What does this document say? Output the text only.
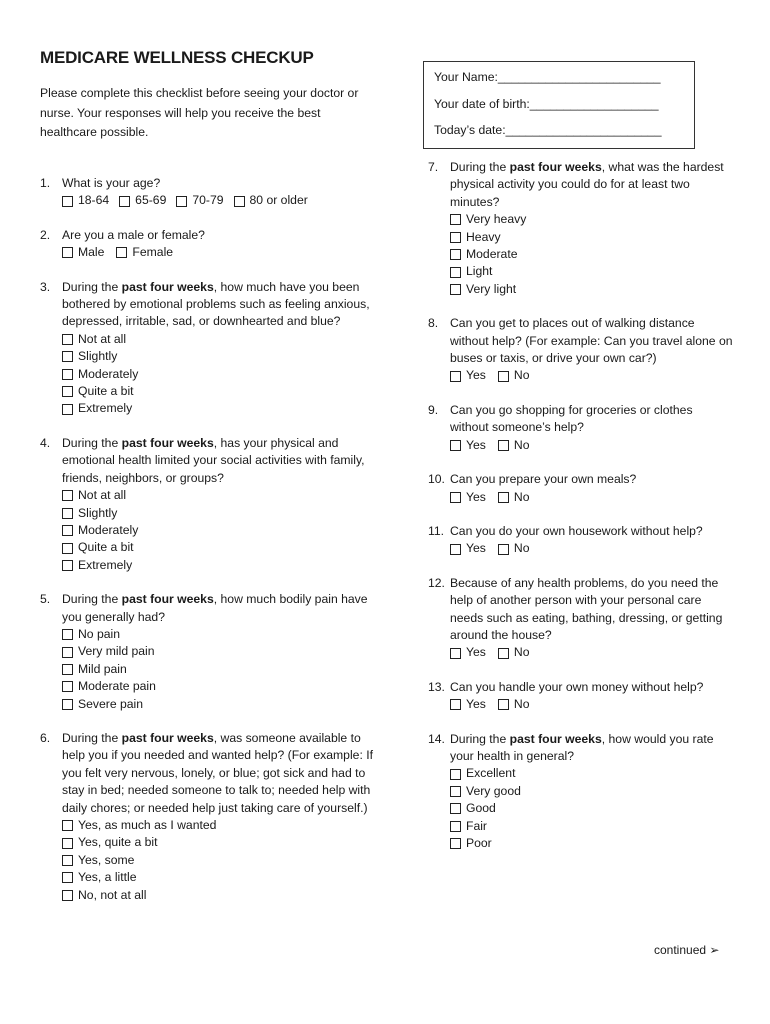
MEDICARE WELLNESS CHECKUP
Please complete this checklist before seeing your doctor or nurse. Your responses will help you receive the best healthcare possible.
Your Name:________________________
Your date of birth:___________________
Today’s date:_______________________
1. What is your age?
18-64 65-69 70-79 80 or older
2. Are you a male or female?
Male Female
3. During the past four weeks, how much have you been bothered by emotional problems such as feeling anxious, depressed, irritable, sad, or downhearted and blue?
Not at all
Slightly
Moderately
Quite a bit
Extremely
4. During the past four weeks, has your physical and emotional health limited your social activities with family, friends, neighbors, or groups?
Not at all
Slightly
Moderately
Quite a bit
Extremely
5. During the past four weeks, how much bodily pain have you generally had?
No pain
Very mild pain
Mild pain
Moderate pain
Severe pain
6. During the past four weeks, was someone available to help you if you needed and wanted help? (For example: If you felt very nervous, lonely, or blue; got sick and had to stay in bed; needed someone to talk to; needed help with daily chores; or needed help just taking care of yourself.)
Yes, as much as I wanted
Yes, quite a bit
Yes, some
Yes, a little
No, not at all
7. During the past four weeks, what was the hardest physical activity you could do for at least two minutes?
Very heavy
Heavy
Moderate
Light
Very light
8. Can you get to places out of walking distance without help? (For example: Can you travel alone on buses or taxis, or drive your own car?)
Yes No
9. Can you go shopping for groceries or clothes without someone’s help?
Yes No
10. Can you prepare your own meals?
Yes No
11. Can you do your own housework without help?
Yes No
12. Because of any health problems, do you need the help of another person with your personal care needs such as eating, bathing, dressing, or getting around the house?
Yes No
13. Can you handle your own money without help?
Yes No
14. During the past four weeks, how would you rate your health in general?
Excellent
Very good
Good
Fair
Poor
continued ➢
